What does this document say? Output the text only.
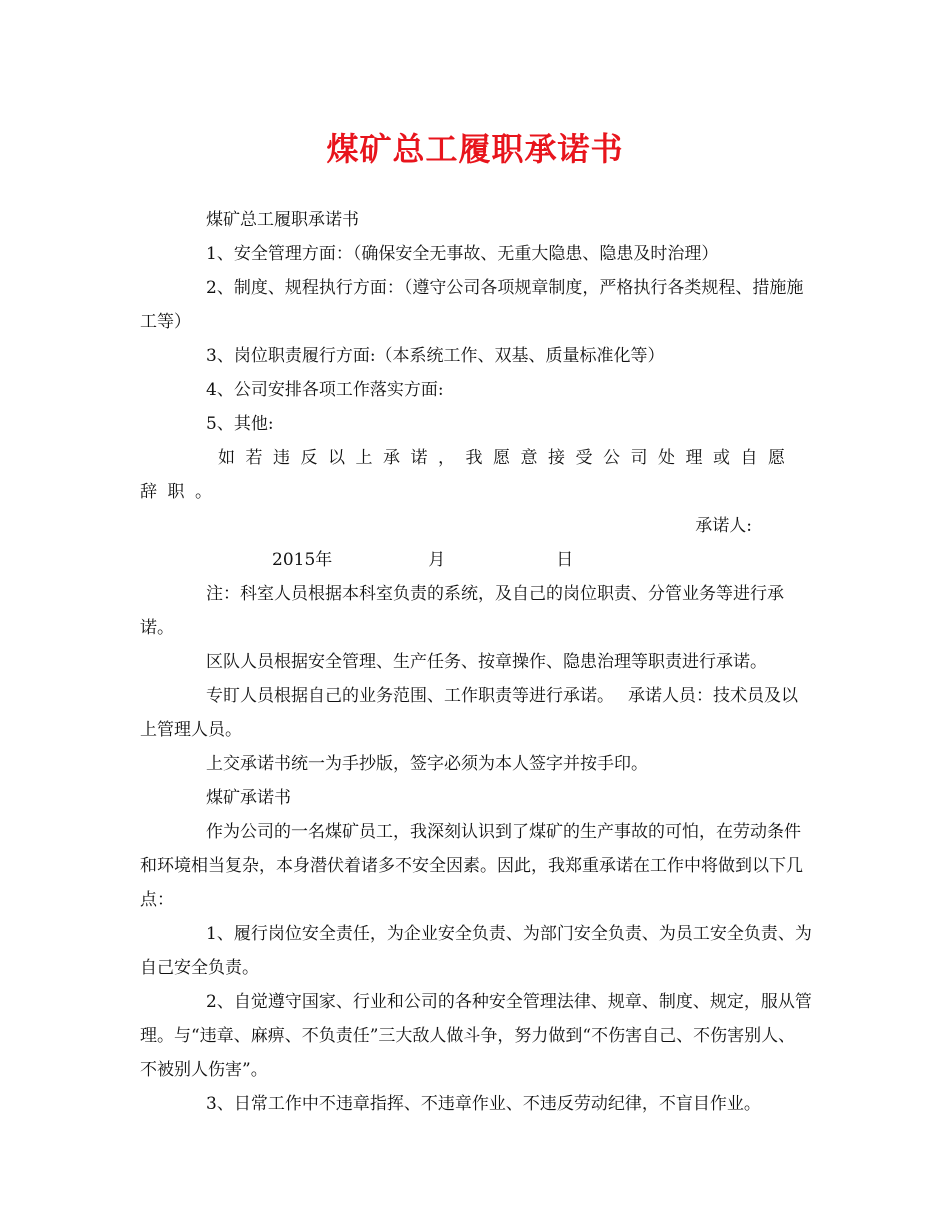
煤矿总工履职承诺书

煤矿总工履职承诺书

1、安全管理方面：（确保安全无事故、无重大隐患、隐患及时治理）

2、制度、规程执行方面：（遵守公司各项规章制度，严格执行各类规程、措施施工等）

3、岗位职责履行方面:（本系统工作、双基、质量标准化等）

4、公司安排各项工作落实方面:

5、其他:

如若违反以上承诺，我愿意接受公司处理或自愿辞职。

承诺人:

2015年	月	日

注：科室人员根据本科室负责的系统，及自己的岗位职责、分管业务等进行承诺。

区队人员根据安全管理、生产任务、按章操作、隐患治理等职责进行承诺。

专盯人员根据自己的业务范围、工作职责等进行承诺。 承诺人员：技术员及以上管理人员。

上交承诺书统一为手抄版，签字必须为本人签字并按手印。

煤矿承诺书

作为公司的一名煤矿员工，我深刻认识到了煤矿的生产事故的可怕，在劳动条件和环境相当复杂，本身潜伏着诸多不安全因素。因此，我郑重承诺在工作中将做到以下几点：

1、履行岗位安全责任，为企业安全负责、为部门安全负责、为员工安全负责、为自己安全负责。

2、自觉遵守国家、行业和公司的各种安全管理法律、规章、制度、规定，服从管理。与“违章、麻痹、不负责任”三大敌人做斗争，努力做到“不伤害自己、不伤害别人、不被别人伤害”。

3、日常工作中不违章指挥、不违章作业、不违反劳动纪律，不盲目作业。
